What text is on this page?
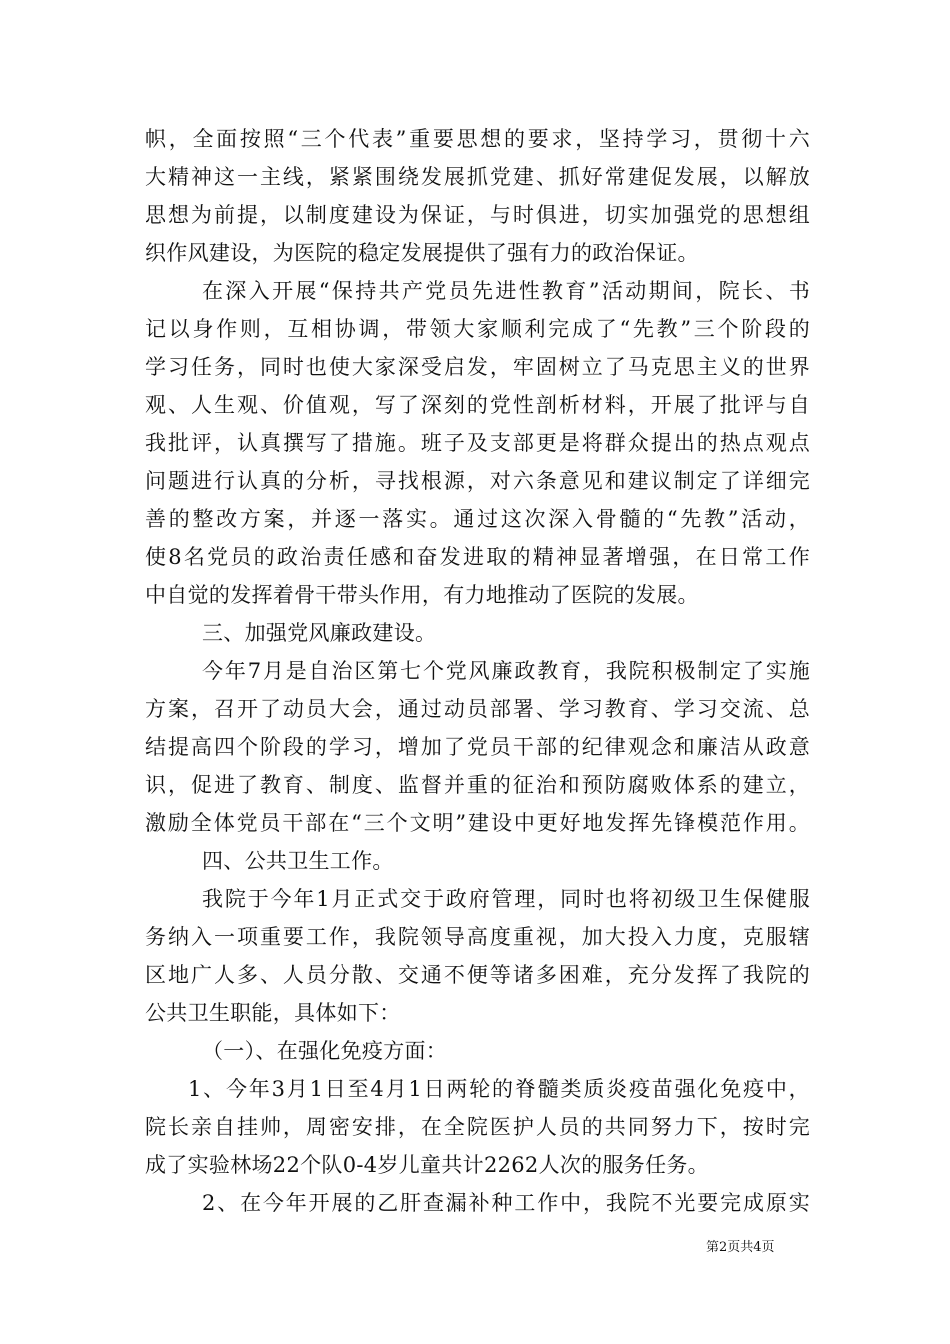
帜，全面按照“三个代表”重要思想的要求，坚持学习，贯彻十六
大精神这一主线，紧紧围绕发展抓党建、抓好常建促发展，以解放
思想为前提，以制度建设为保证，与时俱进，切实加强党的思想组
织作风建设，为医院的稳定发展提供了强有力的政治保证。
在深入开展“保持共产党员先进性教育”活动期间，院长、书
记以身作则，互相协调，带领大家顺利完成了“先教”三个阶段的
学习任务，同时也使大家深受启发，牢固树立了马克思主义的世界
观、人生观、价值观，写了深刻的党性剖析材料，开展了批评与自
我批评，认真撰写了措施。班子及支部更是将群众提出的热点观点
问题进行认真的分析，寻找根源，对六条意见和建议制定了详细完
善的整改方案，并逐一落实。通过这次深入骨髓的“先教”活动，
使8名党员的政治责任感和奋发进取的精神显著增强，在日常工作
中自觉的发挥着骨干带头作用，有力地推动了医院的发展。
三、加强党风廉政建设。
今年7月是自治区第七个党风廉政教育，我院积极制定了实施
方案，召开了动员大会，通过动员部署、学习教育、学习交流、总
结提高四个阶段的学习，增加了党员干部的纪律观念和廉洁从政意
识，促进了教育、制度、监督并重的征治和预防腐败体系的建立，
激励全体党员干部在“三个文明”建设中更好地发挥先锋模范作用。
四、公共卫生工作。
我院于今年1月正式交于政府管理，同时也将初级卫生保健服
务纳入一项重要工作，我院领导高度重视，加大投入力度，克服辖
区地广人多、人员分散、交通不便等诸多困难，充分发挥了我院的
公共卫生职能，具体如下：
（一）、在强化免疫方面：
1、今年3月1日至4月1日两轮的脊髓类质炎疫苗强化免疫中，
院长亲自挂帅，周密安排，在全院医护人员的共同努力下，按时完
成了实验林场22个队0-4岁儿童共计2262人次的服务任务。
2、在今年开展的乙肝查漏补种工作中，我院不光要完成原实
第2页共4页
